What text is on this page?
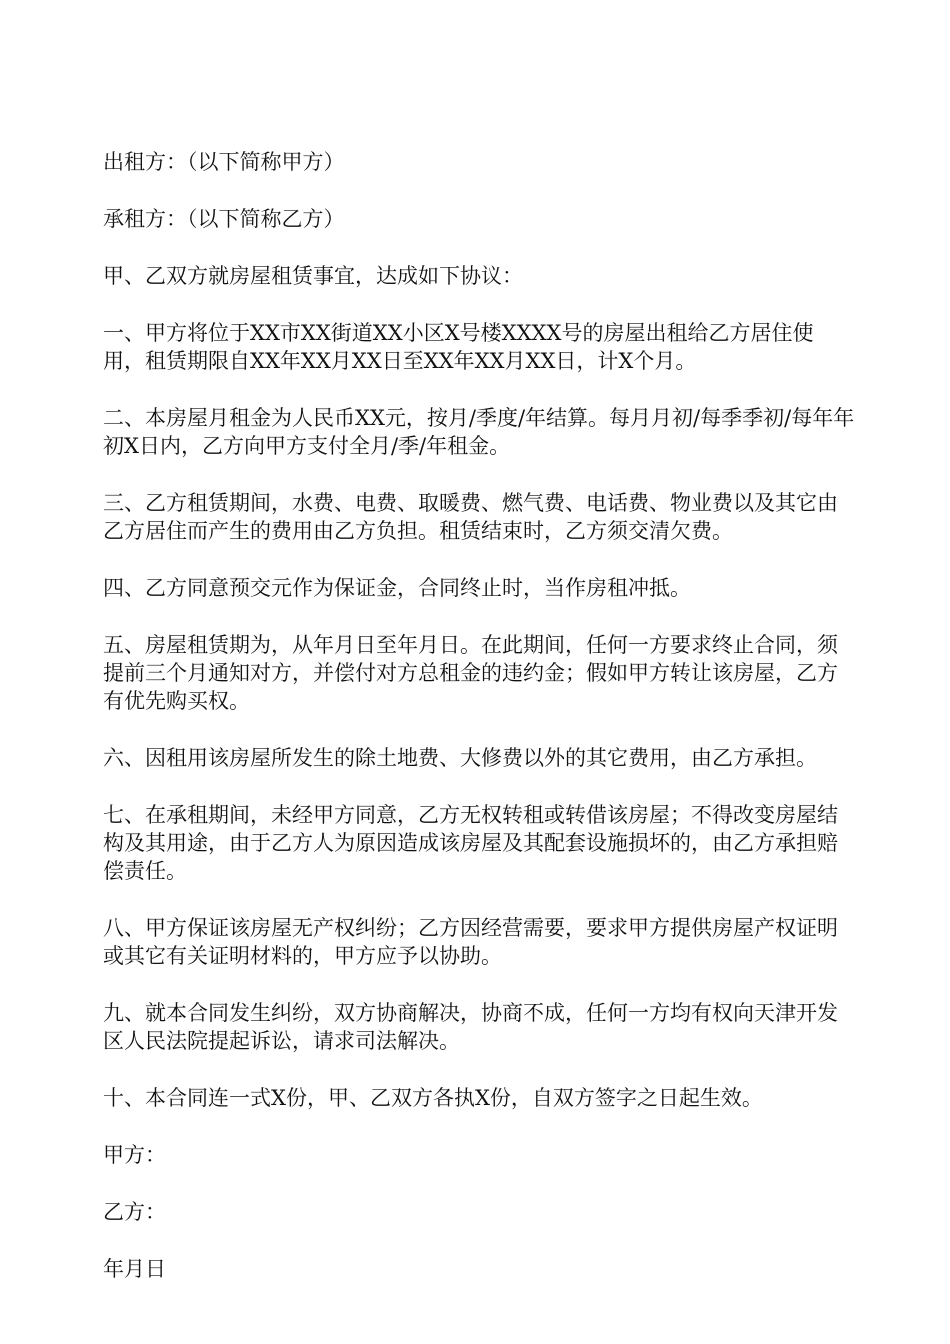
出租方：（以下简称甲方）

承租方：（以下简称乙方）

甲、乙双方就房屋租赁事宜，达成如下协议：

一、甲方将位于XX市XX街道XX小区X号楼XXXX号的房屋出租给乙方居住使用，租赁期限自XX年XX月XX日至XX年XX月XX日，计X个月。

二、本房屋月租金为人民币XX元，按月/季度/年结算。每月月初/每季季初/每年年初X日内，乙方向甲方支付全月/季/年租金。

三、乙方租赁期间，水费、电费、取暖费、燃气费、电话费、物业费以及其它由乙方居住而产生的费用由乙方负担。租赁结束时，乙方须交清欠费。

四、乙方同意预交元作为保证金，合同终止时，当作房租冲抵。

五、房屋租赁期为，从年月日至年月日。在此期间，任何一方要求终止合同，须提前三个月通知对方，并偿付对方总租金的违约金；假如甲方转让该房屋，乙方有优先购买权。

六、因租用该房屋所发生的除土地费、大修费以外的其它费用，由乙方承担。

七、在承租期间，未经甲方同意，乙方无权转租或转借该房屋；不得改变房屋结构及其用途，由于乙方人为原因造成该房屋及其配套设施损坏的，由乙方承担赔偿责任。

八、甲方保证该房屋无产权纠纷；乙方因经营需要，要求甲方提供房屋产权证明或其它有关证明材料的，甲方应予以协助。

九、就本合同发生纠纷，双方协商解决，协商不成，任何一方均有权向天津开发区人民法院提起诉讼，请求司法解决。

十、本合同连一式X份，甲、乙双方各执X份，自双方签字之日起生效。

甲方：

乙方：

年月日
